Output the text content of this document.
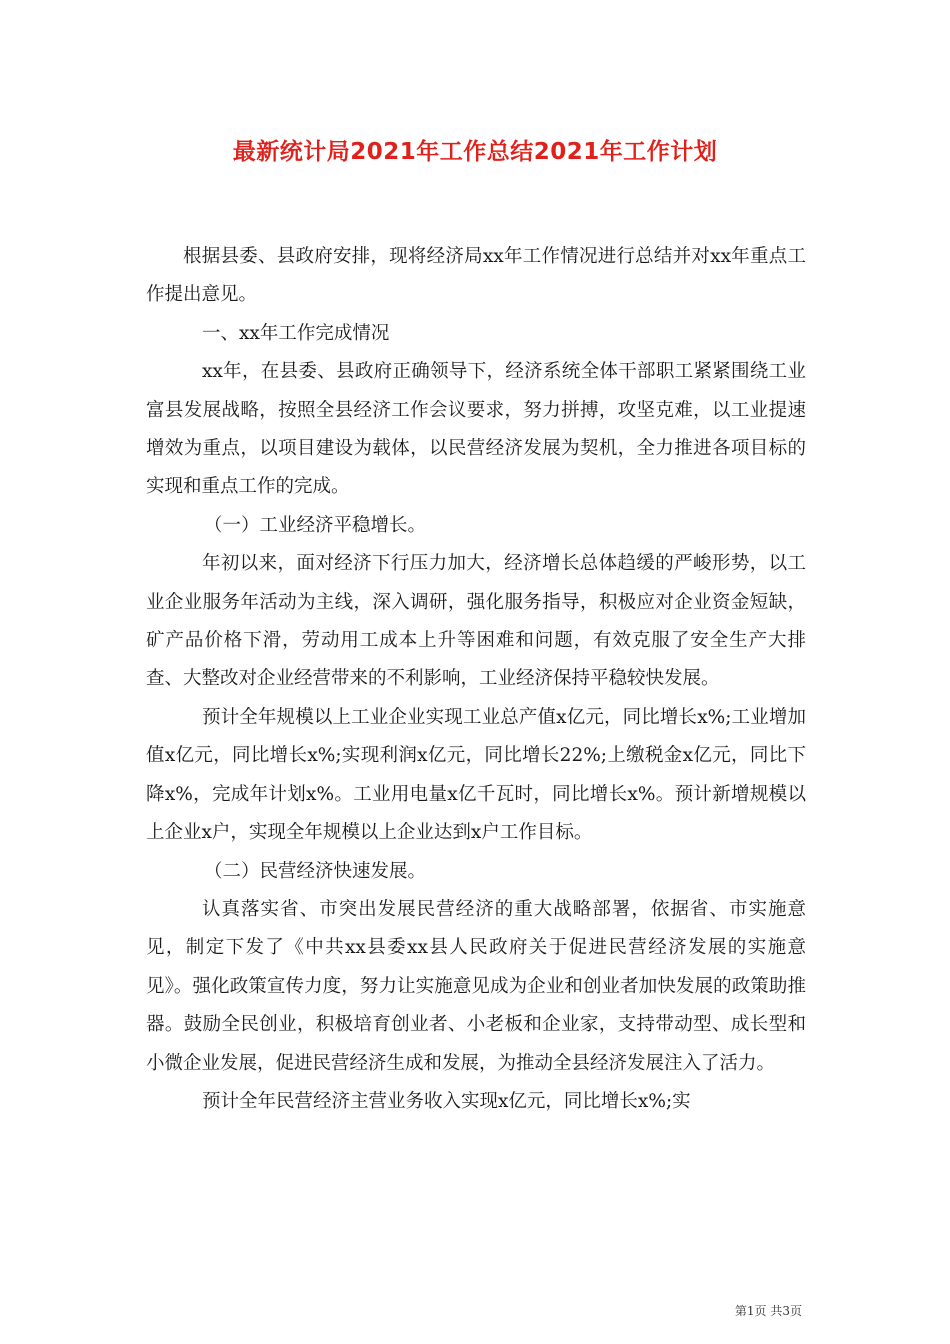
最新统计局2021年工作总结2021年工作计划

根据县委、县政府安排，现将经济局xx年工作情况进行总结并对xx年重点工作提出意见。

一、xx年工作完成情况

xx年，在县委、县政府正确领导下，经济系统全体干部职工紧紧围绕工业富县发展战略，按照全县经济工作会议要求，努力拼搏，攻坚克难，以工业提速增效为重点，以项目建设为载体，以民营经济发展为契机，全力推进各项目标的实现和重点工作的完成。

（一）工业经济平稳增长。

年初以来，面对经济下行压力加大，经济增长总体趋缓的严峻形势，以工业企业服务年活动为主线，深入调研，强化服务指导，积极应对企业资金短缺，矿产品价格下滑，劳动用工成本上升等困难和问题，有效克服了安全生产大排查、大整改对企业经营带来的不利影响，工业经济保持平稳较快发展。

预计全年规模以上工业企业实现工业总产值x亿元，同比增长x%;工业增加值x亿元，同比增长x%;实现利润x亿元，同比增长22%;上缴税金x亿元，同比下降x%，完成年计划x%。工业用电量x亿千瓦时，同比增长x%。预计新增规模以上企业x户，实现全年规模以上企业达到x户工作目标。

（二）民营经济快速发展。

认真落实省、市突出发展民营经济的重大战略部署，依据省、市实施意见，制定下发了《中共xx县委xx县人民政府关于促进民营经济发展的实施意见》。强化政策宣传力度，努力让实施意见成为企业和创业者加快发展的政策助推器。鼓励全民创业，积极培育创业者、小老板和企业家，支持带动型、成长型和小微企业发展，促进民营经济生成和发展，为推动全县经济发展注入了活力。

预计全年民营经济主营业务收入实现x亿元，同比增长x%;实

第1页 共3页
